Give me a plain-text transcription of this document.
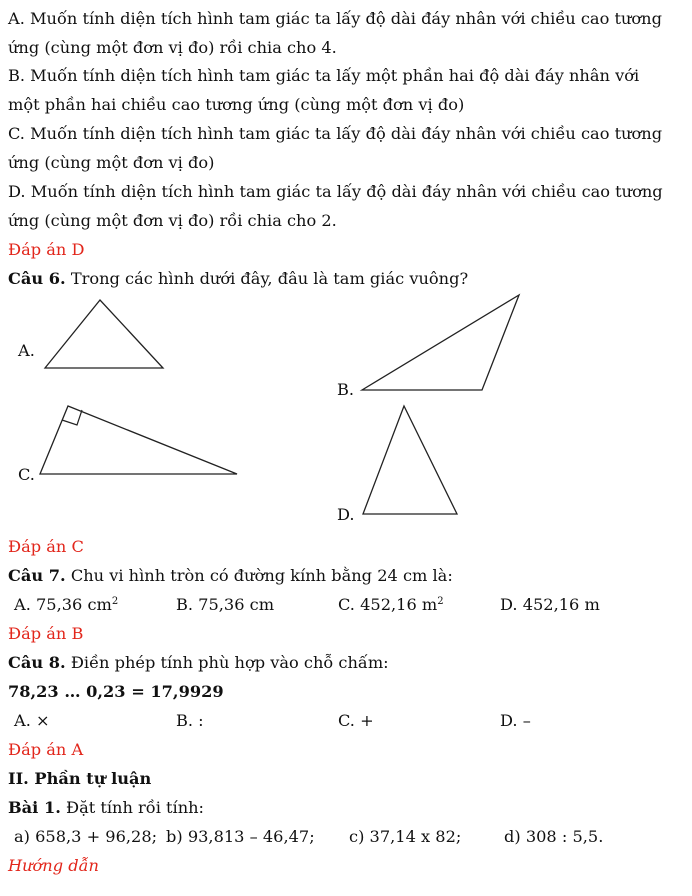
A. Muốn tính diện tích hình tam giác ta lấy độ dài đáy nhân với chiều cao tương
ứng (cùng một đơn vị đo) rồi chia cho 4.
B. Muốn tính diện tích hình tam giác ta lấy một phần hai độ dài đáy nhân với
một phần hai chiều cao tương ứng (cùng một đơn vị đo)
C. Muốn tính diện tích hình tam giác ta lấy độ dài đáy nhân với chiều cao tương
ứng (cùng một đơn vị đo)
D. Muốn tính diện tích hình tam giác ta lấy độ dài đáy nhân với chiều cao tương
ứng (cùng một đơn vị đo) rồi chia cho 2.
Đáp án D
Câu 6. Trong các hình dưới đây, đâu là tam giác vuông?
A.
B.
C.
D.
Đáp án C
Câu 7. Chu vi hình tròn có đường kính bằng 24 cm là:
A. 75,36 $cm^2$	B. 75,36 cm	C. 452,16 $m^2$	D. 452,16 m
Đáp án B
Câu 8. Điền phép tính phù hợp vào chỗ chấm:
78,23 … 0,23 = 17,9929
A. ×	B. :	C. +	D. –
Đáp án A
II. Phần tự luận
Bài 1. Đặt tính rồi tính:
a) 658,3 + 96,28; b) 93,813 – 46,47; c) 37,14 x 82;	d) 308 : 5,5.
Hướng dẫn
